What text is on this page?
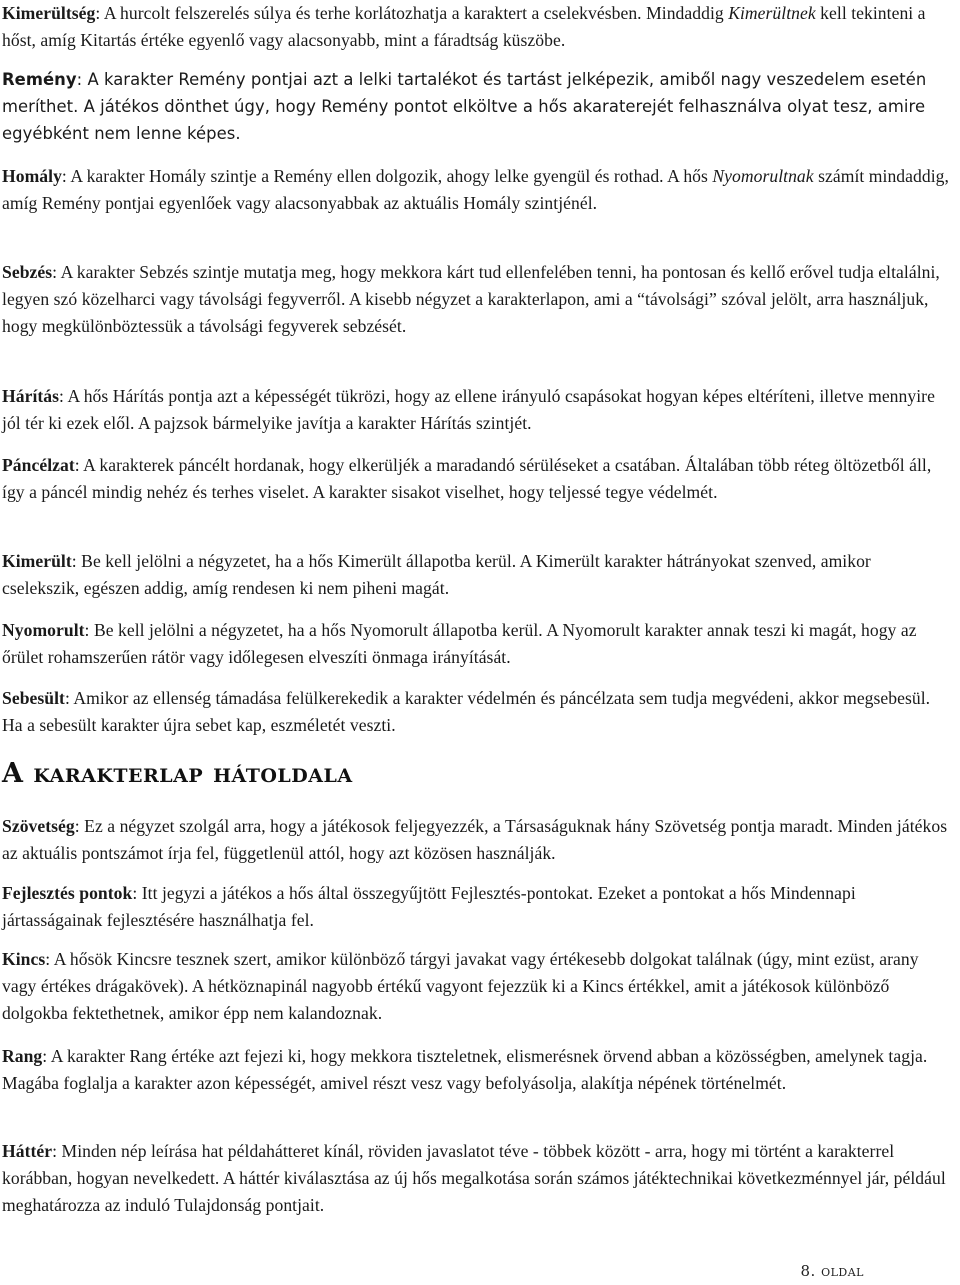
Kimerültség: A hurcolt felszerelés súlya és terhe korlátozhatja a karaktert a cselekvésben. Mindaddig Kimerültnek kell tekinteni a hőst, amíg Kitartás értéke egyenlő vagy alacsonyabb, mint a fáradtság küszöbe.

Remény: A karakter Remény pontjai azt a lelki tartalékot és tartást jelképezik, amiből nagy veszedelem esetén meríthet. A játékos dönthet úgy, hogy Remény pontot elköltve a hős akaraterejét felhasználva olyat tesz, amire egyébként nem lenne képes.

Homály: A karakter Homály szintje a Remény ellen dolgozik, ahogy lelke gyengül és rothad. A hős Nyomorultnak számít mindaddig, amíg Remény pontjai egyenlőek vagy alacsonyabbak az aktuális Homály szintjénél.

Sebzés: A karakter Sebzés szintje mutatja meg, hogy mekkora kárt tud ellenfelében tenni, ha pontosan és kellő erővel tudja eltalálni, legyen szó közelharci vagy távolsági fegyverről. A kisebb négyzet a karakterlapon, ami a “távolsági” szóval jelölt, arra használjuk, hogy megkülönböztessük a távolsági fegyverek sebzését.

Hárítás: A hős Hárítás pontja azt a képességét tükrözi, hogy az ellene irányuló csapásokat hogyan képes eltéríteni, illetve mennyire jól tér ki ezek elől. A pajzsok bármelyike javítja a karakter Hárítás szintjét.

Páncélzat: A karakterek páncélt hordanak, hogy elkerüljék a maradandó sérüléseket a csatában. Általában több réteg öltözetből áll, így a páncél mindig nehéz és terhes viselet. A karakter sisakot viselhet, hogy teljessé tegye védelmét.

Kimerült: Be kell jelölni a négyzetet, ha a hős Kimerült állapotba kerül. A Kimerült karakter hátrányokat szenved, amikor cselekszik, egészen addig, amíg rendesen ki nem piheni magát.

Nyomorult: Be kell jelölni a négyzetet, ha a hős Nyomorult állapotba kerül. A Nyomorult karakter annak teszi ki magát, hogy az őrület rohamszerűen rátör vagy időlegesen elveszíti önmaga irányítását.

Sebesült: Amikor az ellenség támadása felülkerekedik a karakter védelmén és páncélzata sem tudja megvédeni, akkor megsebesül. Ha a sebesült karakter újra sebet kap, eszméletét veszti.

A karakterlap hátoldala

Szövetség: Ez a négyzet szolgál arra, hogy a játékosok feljegyezzék, a Társaságuknak hány Szövetség pontja maradt. Minden játékos az aktuális pontszámot írja fel, függetlenül attól, hogy azt közösen használják.

Fejlesztés pontok: Itt jegyzi a játékos a hős által összegyűjtött Fejlesztés-pontokat. Ezeket a pontokat a hős Mindennapi jártasságainak fejlesztésére használhatja fel.

Kincs: A hősök Kincsre tesznek szert, amikor különböző tárgyi javakat vagy értékesebb dolgokat találnak (úgy, mint ezüst, arany vagy értékes drágakövek). A hétköznapinál nagyobb értékű vagyont fejezzük ki a Kincs értékkel, amit a játékosok különböző dolgokba fektethetnek, amikor épp nem kalandoznak.

Rang: A karakter Rang értéke azt fejezi ki, hogy mekkora tiszteletnek, elismerésnek örvend abban a közösségben, amelynek tagja. Magába foglalja a karakter azon képességét, amivel részt vesz vagy befolyásolja, alakítja népének történelmét.

Háttér: Minden nép leírása hat példahátteret kínál, röviden javaslatot téve - többek között - arra, hogy mi történt a karakterrel korábban, hogyan nevelkedett. A háttér kiválasztása az új hős megalkotása során számos játéktechnikai következménnyel jár, például meghatározza az induló Tulajdonság pontjait.

8. oldal
